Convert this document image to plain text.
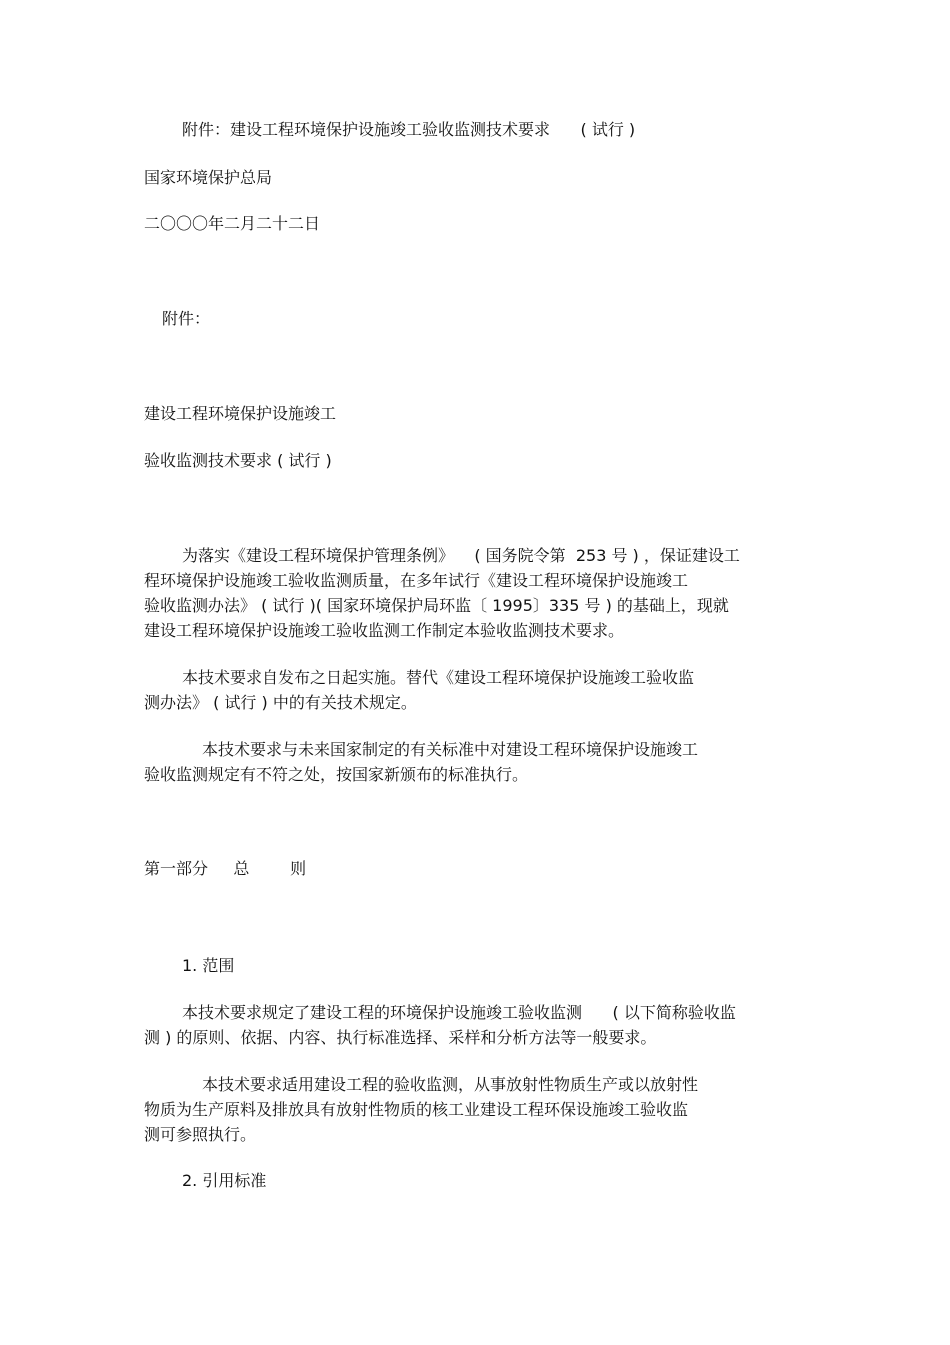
附件：建设工程环境保护设施竣工验收监测技术要求      ( 试行 )

国家环境保护总局

二〇〇〇年二月二十二日

附件：

建设工程环境保护设施竣工

验收监测技术要求 ( 试行 )

为落实《建设工程环境保护管理条例》    ( 国务院令第  253 号 ) ，保证建设工

程环境保护设施竣工验收监测质量，在多年试行《建设工程环境保护设施竣工

验收监测办法》 ( 试行 )( 国家环境保护局环监〔 1995〕335 号 ) 的基础上，现就

建设工程环境保护设施竣工验收监测工作制定本验收监测技术要求。

本技术要求自发布之日起实施。替代《建设工程环境保护设施竣工验收监

测办法》 ( 试行 ) 中的有关技术规定。

本技术要求与未来国家制定的有关标准中对建设工程环境保护设施竣工

验收监测规定有不符之处，按国家新颁布的标准执行。

第一部分     总        则

1. 范围

本技术要求规定了建设工程的环境保护设施竣工验收监测      ( 以下简称验收监

测 ) 的原则、依据、内容、执行标准选择、采样和分析方法等一般要求。

本技术要求适用建设工程的验收监测，从事放射性物质生产或以放射性

物质为生产原料及排放具有放射性物质的核工业建设工程环保设施竣工验收监

测可参照执行。

2. 引用标准
